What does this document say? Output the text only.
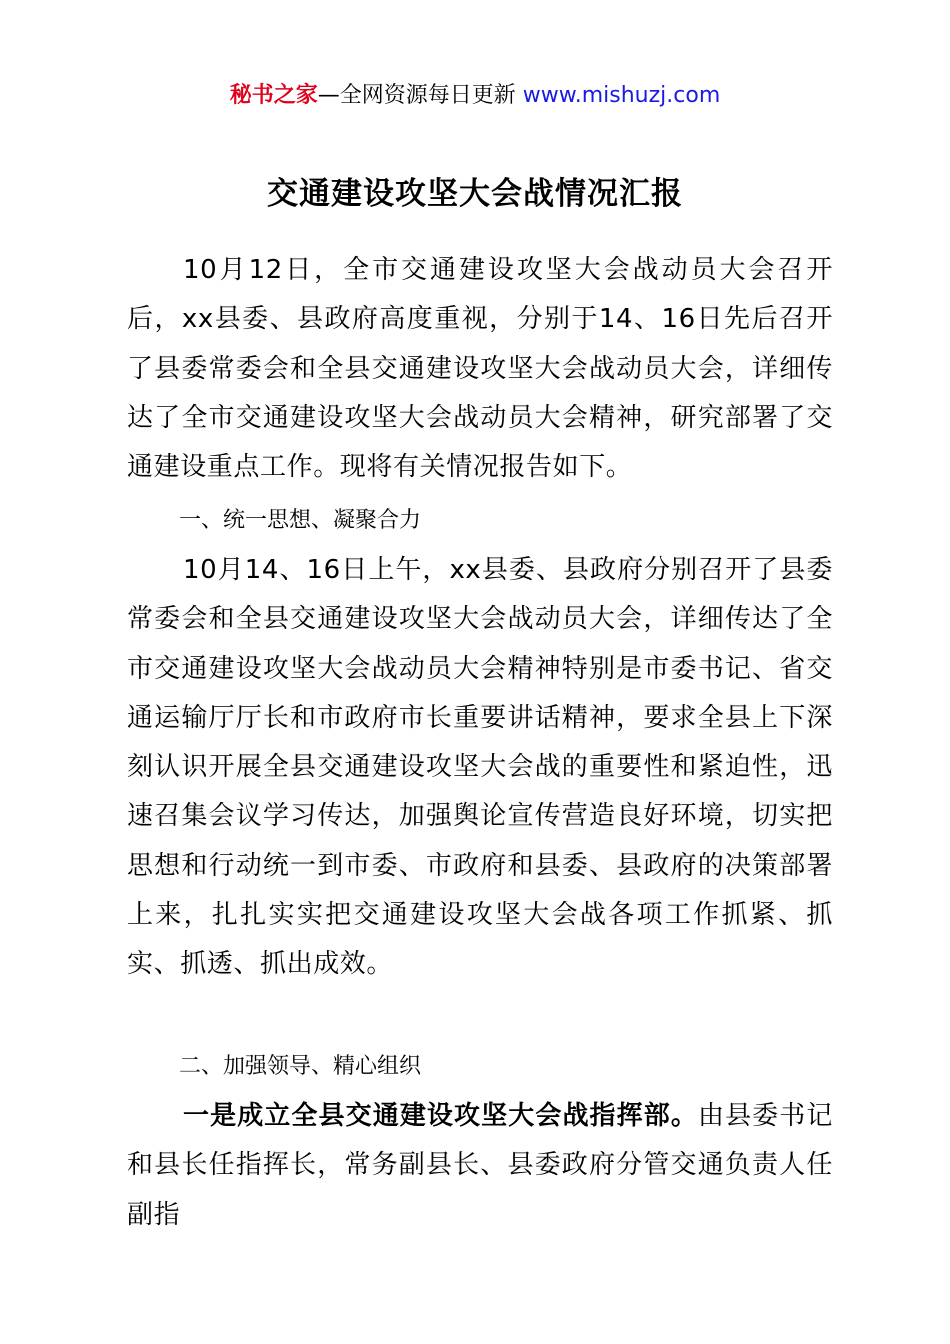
秘书之家—全网资源每日更新 www.mishuzj.com
交通建设攻坚大会战情况汇报

10月12日，全市交通建设攻坚大会战动员大会召开后，xx县委、县政府高度重视，分别于14、16日先后召开了县委常委会和全县交通建设攻坚大会战动员大会，详细传达了全市交通建设攻坚大会战动员大会精神，研究部署了交通建设重点工作。现将有关情况报告如下。

一、统一思想、凝聚合力

10月14、16日上午，xx县委、县政府分别召开了县委常委会和全县交通建设攻坚大会战动员大会，详细传达了全市交通建设攻坚大会战动员大会精神特别是市委书记、省交通运输厅厅长和市政府市长重要讲话精神，要求全县上下深刻认识开展全县交通建设攻坚大会战的重要性和紧迫性，迅速召集会议学习传达，加强舆论宣传营造良好环境，切实把思想和行动统一到市委、市政府和县委、县政府的决策部署上来，扎扎实实把交通建设攻坚大会战各项工作抓紧、抓实、抓透、抓出成效。

二、加强领导、精心组织

一是成立全县交通建设攻坚大会战指挥部。由县委书记和县长任指挥长，常务副县长、县委政府分管交通负责人任副指
